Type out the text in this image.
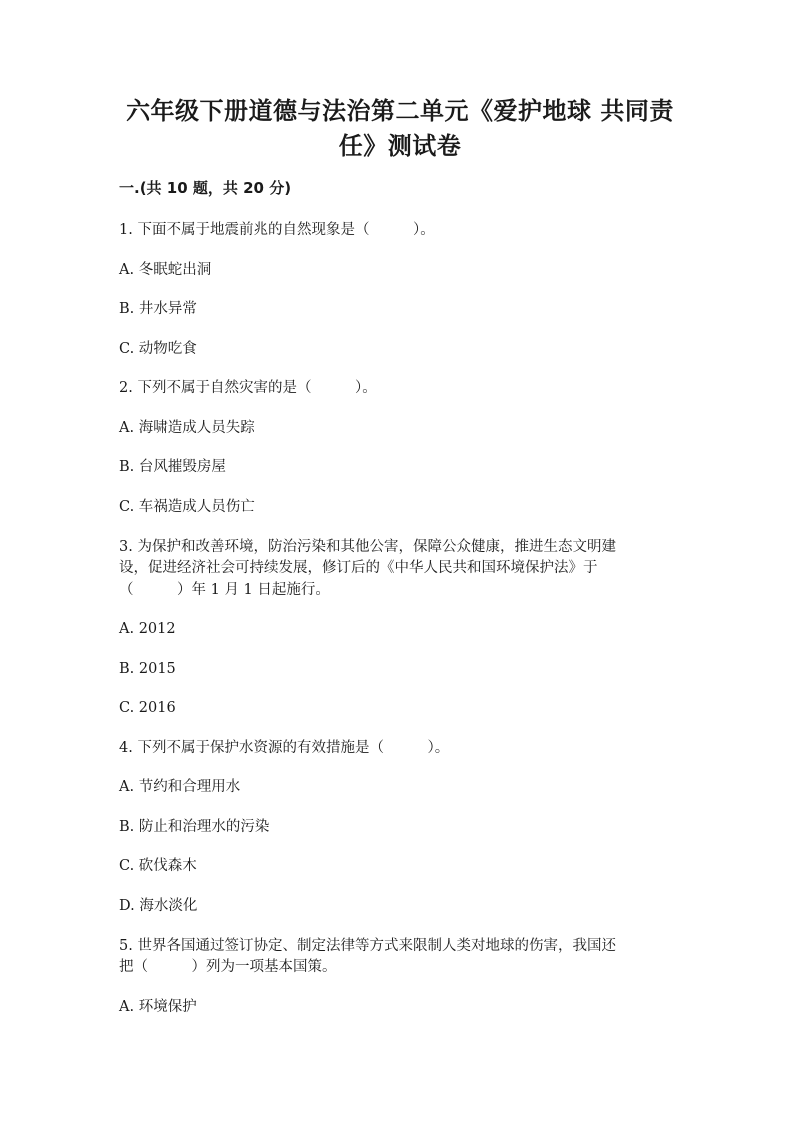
六年级下册道德与法治第二单元《爱护地球 共同责
任》测试卷
一.(共 10 题，共 20 分)
1. 下面不属于地震前兆的自然现象是（　　　）。
A. 冬眠蛇出洞
B. 井水异常
C. 动物吃食
2. 下列不属于自然灾害的是（　　　）。
A. 海啸造成人员失踪
B. 台风摧毁房屋
C. 车祸造成人员伤亡
3. 为保护和改善环境，防治污染和其他公害，保障公众健康，推进生态文明建
设，促进经济社会可持续发展，修订后的《中华人民共和国环境保护法》于
（　　　）年 1 月 1 日起施行。
A. 2012
B. 2015
C. 2016
4. 下列不属于保护水资源的有效措施是（　　　）。
A. 节约和合理用水
B. 防止和治理水的污染
C. 砍伐森木
D. 海水淡化
5. 世界各国通过签订协定、制定法律等方式来限制人类对地球的伤害，我国还
把（　　　）列为一项基本国策。
A. 环境保护
